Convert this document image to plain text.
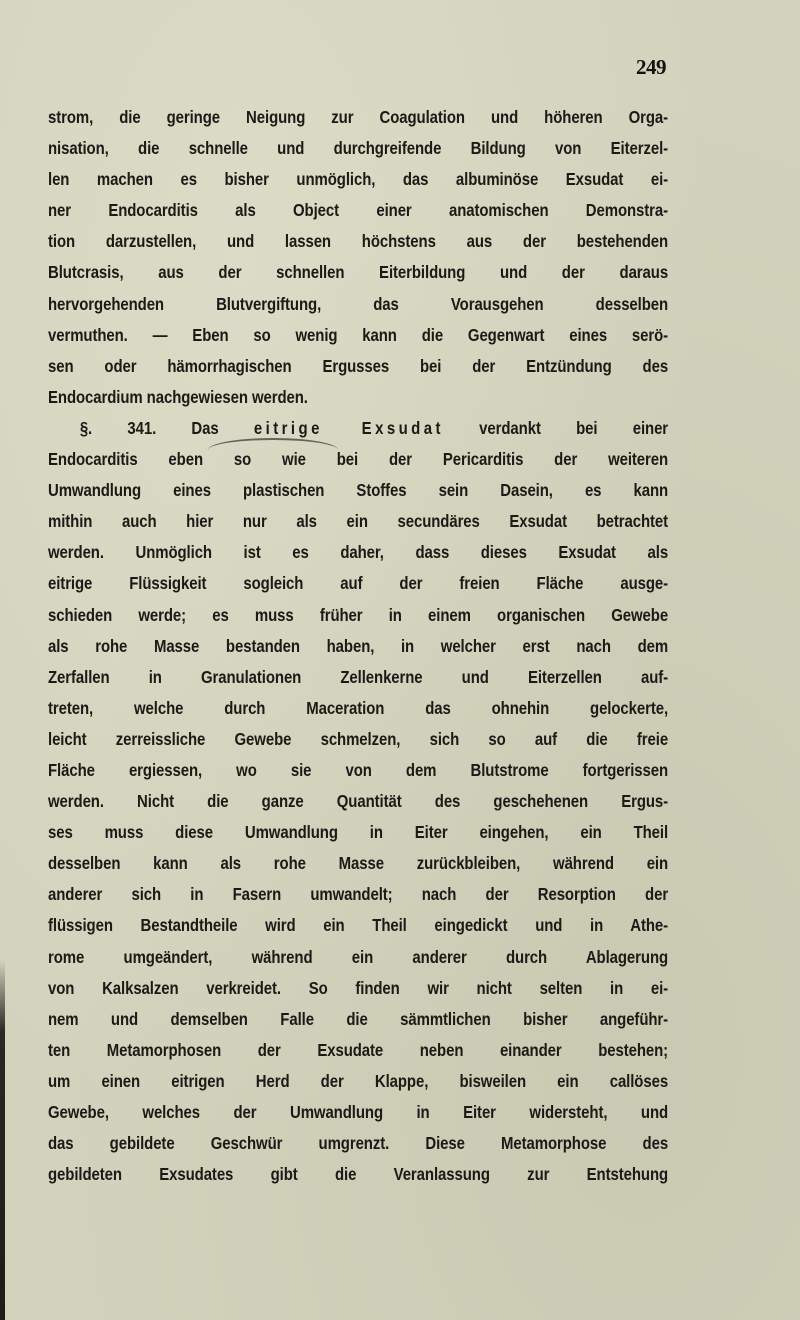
249
strom, die geringe Neigung zur Coagulation und höheren Orga-
nisation, die schnelle und durchgreifende Bildung von Eiterzel-
len machen es bisher unmöglich, das albuminöse Exsudat ei-
ner Endocarditis als Object einer anatomischen Demonstra-
tion darzustellen, und lassen höchstens aus der bestehenden
Blutcrasis, aus der schnellen Eiterbildung und der daraus
hervorgehenden Blutvergiftung, das Vorausgehen desselben
vermuthen. — Eben so wenig kann die Gegenwart eines serö-
sen oder hämorrhagischen Ergusses bei der Entzündung des
Endocardium nachgewiesen werden.
§. 341. Das eitrige Exsudat verdankt bei einer
Endocarditis eben so wie bei der Pericarditis der weiteren
Umwandlung eines plastischen Stoffes sein Dasein, es kann
mithin auch hier nur als ein secundäres Exsudat betrachtet
werden. Unmöglich ist es daher, dass dieses Exsudat als
eitrige Flüssigkeit sogleich auf der freien Fläche ausge-
schieden werde; es muss früher in einem organischen Gewebe
als rohe Masse bestanden haben, in welcher erst nach dem
Zerfallen in Granulationen Zellenkerne und Eiterzellen auf-
treten, welche durch Maceration das ohnehin gelockerte,
leicht zerreissliche Gewebe schmelzen, sich so auf die freie
Fläche ergiessen, wo sie von dem Blutstrome fortgerissen
werden. Nicht die ganze Quantität des geschehenen Ergus-
ses muss diese Umwandlung in Eiter eingehen, ein Theil
desselben kann als rohe Masse zurückbleiben, während ein
anderer sich in Fasern umwandelt; nach der Resorption der
flüssigen Bestandtheile wird ein Theil eingedickt und in Athe-
rome umgeändert, während ein anderer durch Ablagerung
von Kalksalzen verkreidet. So finden wir nicht selten in ei-
nem und demselben Falle die sämmtlichen bisher angeführ-
ten Metamorphosen der Exsudate neben einander bestehen;
um einen eitrigen Herd der Klappe, bisweilen ein callöses
Gewebe, welches der Umwandlung in Eiter widersteht, und
das gebildete Geschwür umgrenzt. Diese Metamorphose des
gebildeten Exsudates gibt die Veranlassung zur Entstehung
